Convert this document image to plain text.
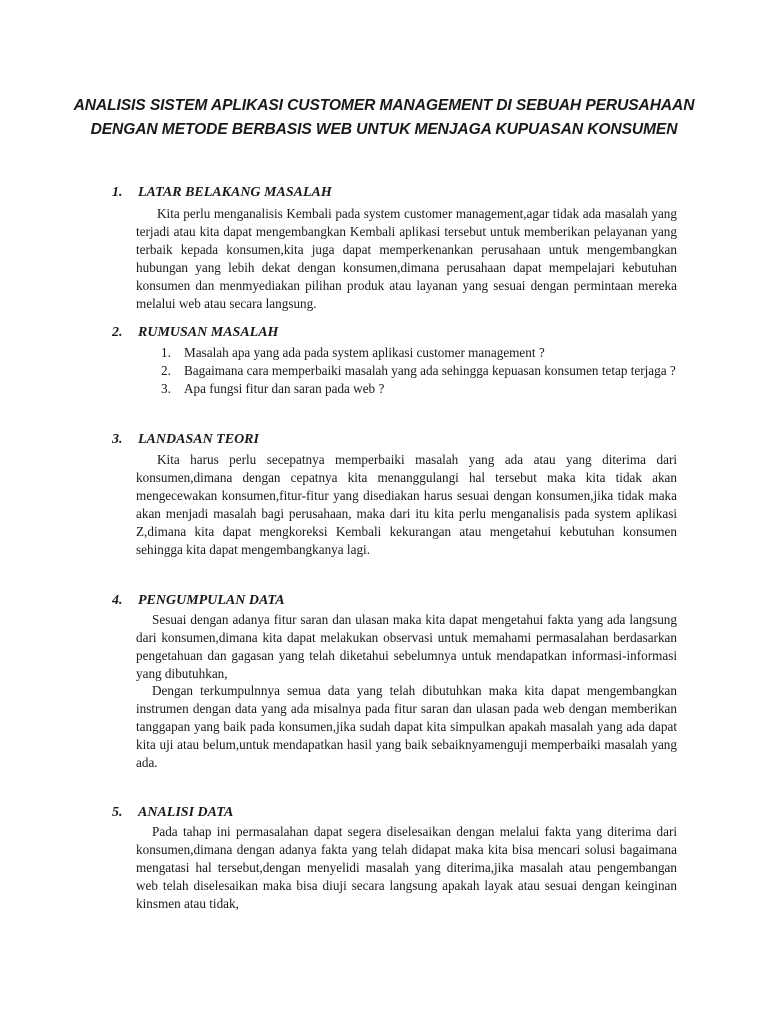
ANALISIS SISTEM APLIKASI CUSTOMER MANAGEMENT DI SEBUAH PERUSAHAAN
DENGAN METODE BERBASIS WEB UNTUK MENJAGA KUPUASAN KONSUMEN
1. LATAR BELAKANG MASALAH

Kita perlu menganalisis Kembali pada system customer management,agar tidak ada masalah yang terjadi atau kita dapat mengembangkan Kembali aplikasi tersebut untuk memberikan pelayanan yang terbaik kepada konsumen,kita juga dapat memperkenankan perusahaan untuk mengembangkan hubungan yang lebih dekat dengan konsumen,dimana perusahaan dapat mempelajari kebutuhan konsumen dan menmyediakan pilihan produk atau layanan yang sesuai dengan permintaan mereka melalui web atau secara langsung.

2. RUMUSAN MASALAH
1. Masalah apa yang ada pada system aplikasi customer management ?
2. Bagaimana cara memperbaiki masalah yang ada sehingga kepuasan konsumen tetap terjaga ?
3. Apa fungsi fitur dan saran pada web ?
3. LANDASAN TEORI

Kita harus perlu secepatnya memperbaiki masalah yang ada atau yang diterima dari konsumen,dimana dengan cepatnya kita menanggulangi hal tersebut maka kita tidak akan mengecewakan konsumen,fitur-fitur yang disediakan harus sesuai dengan konsumen,jika tidak maka akan menjadi masalah bagi perusahaan, maka dari itu kita perlu menganalisis pada system aplikasi Z,dimana kita dapat mengkoreksi Kembali kekurangan atau mengetahui kebutuhan konsumen sehingga kita dapat mengembangkanya lagi.

4. PENGUMPULAN DATA

Sesuai dengan adanya fitur saran dan ulasan maka kita dapat mengetahui fakta yang ada langsung dari konsumen,dimana kita dapat melakukan observasi untuk memahami permasalahan berdasarkan pengetahuan dan gagasan yang telah diketahui sebelumnya untuk mendapatkan informasi-informasi yang dibutuhkan,

Dengan terkumpulnnya semua data yang telah dibutuhkan maka kita dapat mengembangkan instrumen dengan data yang ada misalnya pada fitur saran dan ulasan pada web dengan memberikan tanggapan yang baik pada konsumen,jika sudah dapat kita simpulkan apakah masalah yang ada dapat kita uji atau belum,untuk mendapatkan hasil yang baik sebaiknyamenguji memperbaiki masalah yang ada.

5. ANALISI DATA

Pada tahap ini permasalahan dapat segera diselesaikan dengan melalui fakta yang diterima dari konsumen,dimana dengan adanya fakta yang telah didapat maka kita bisa mencari solusi bagaimana mengatasi hal tersebut,dengan menyelidi masalah yang diterima,jika masalah atau pengembangan web telah diselesaikan maka bisa diuji secara langsung apakah layak atau sesuai dengan keinginan kinsmen atau tidak,
